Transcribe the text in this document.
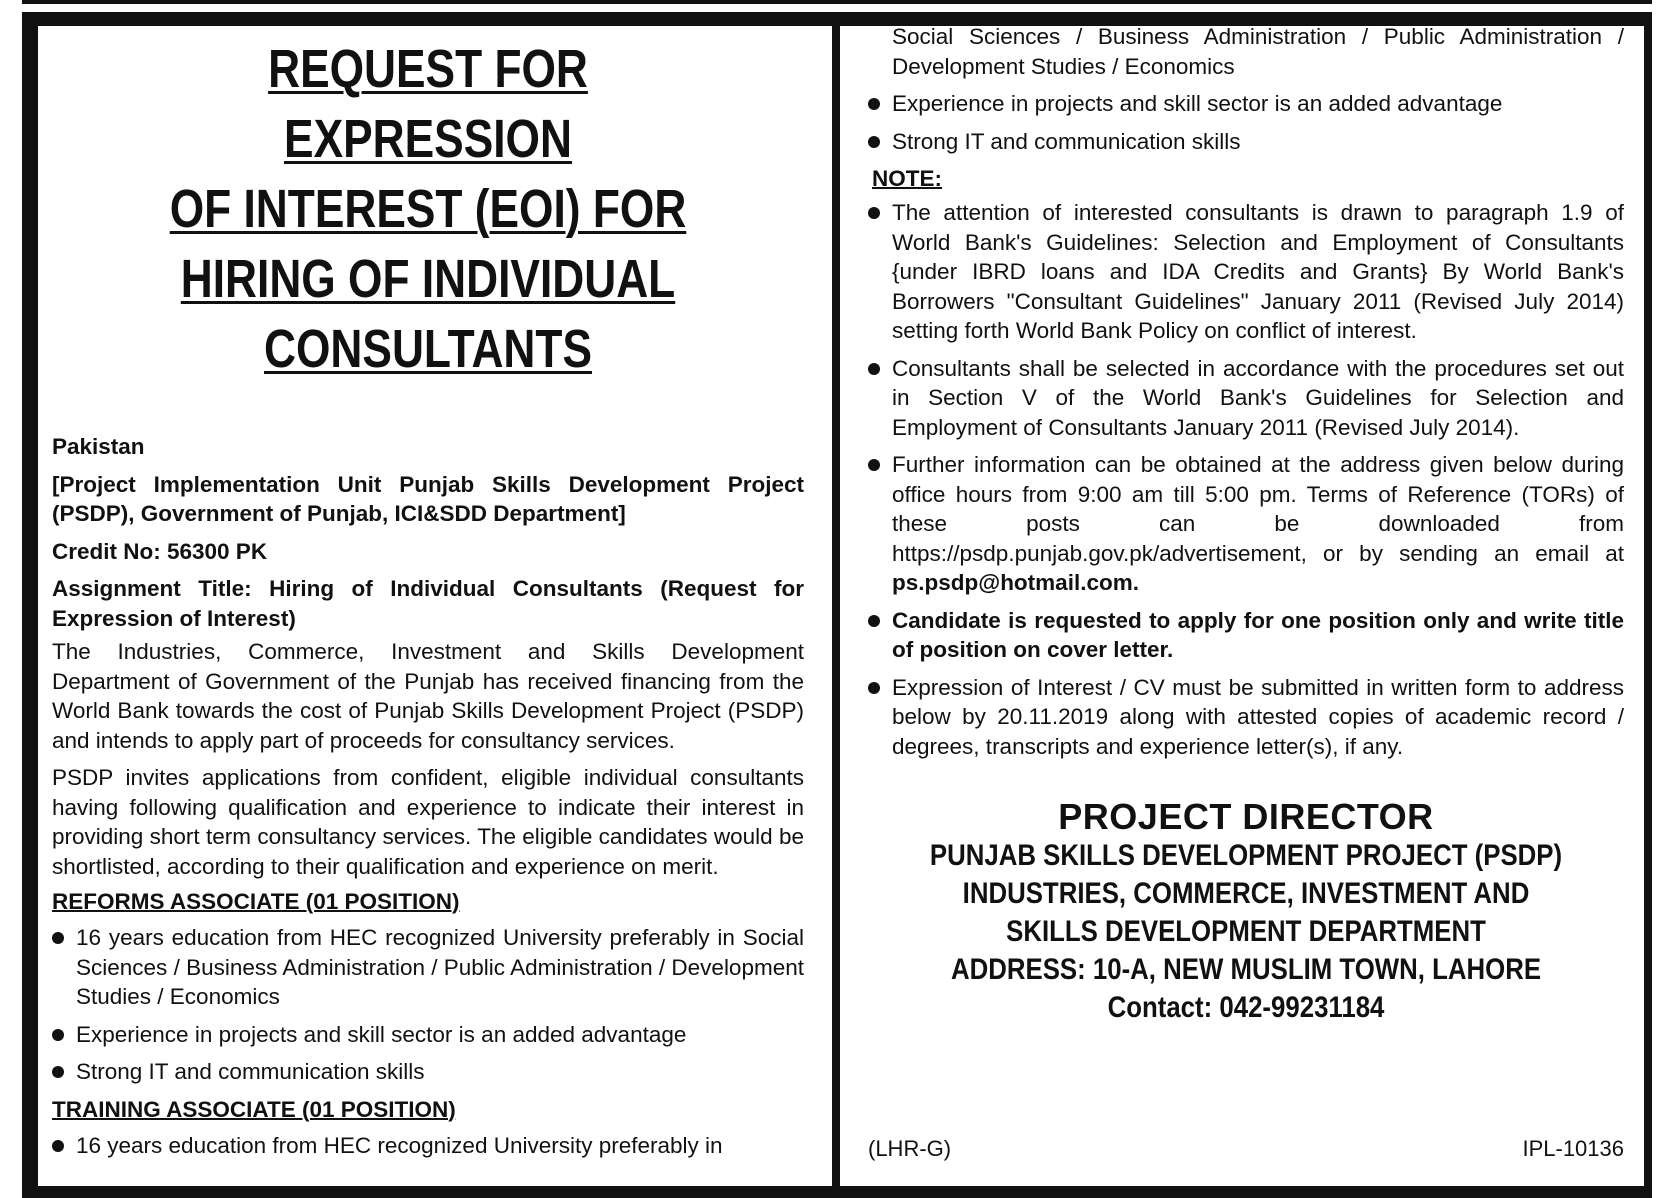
REQUEST FOR EXPRESSION
OF INTEREST (EOI) FOR
HIRING OF INDIVIDUAL
CONSULTANTS

Pakistan

[Project Implementation Unit Punjab Skills Development Project (PSDP), Government of Punjab, ICI&SDD Department]

Credit No: 56300 PK

Assignment Title: Hiring of Individual Consultants (Request for Expression of Interest)

The Industries, Commerce, Investment and Skills Development Department of Government of the Punjab has received financing from the World Bank towards the cost of Punjab Skills Development Project (PSDP) and intends to apply part of proceeds for consultancy services.

PSDP invites applications from confident, eligible individual consultants having following qualification and experience to indicate their interest in providing short term consultancy services. The eligible candidates would be shortlisted, according to their qualification and experience on merit.

REFORMS ASSOCIATE (01 POSITION)

16 years education from HEC recognized University preferably in Social Sciences / Business Administration / Public Administration / Development Studies / Economics
Experience in projects and skill sector is an added advantage
Strong IT and communication skills

TRAINING ASSOCIATE (01 POSITION)

16 years education from HEC recognized University preferably in
Social Sciences / Business Administration / Public Administration / Development Studies / Economics
Experience in projects and skill sector is an added advantage
Strong IT and communication skills

NOTE:

The attention of interested consultants is drawn to paragraph 1.9 of World Bank's Guidelines: Selection and Employment of Consultants {under IBRD loans and IDA Credits and Grants} By World Bank's Borrowers "Consultant Guidelines" January 2011 (Revised July 2014) setting forth World Bank Policy on conflict of interest.
Consultants shall be selected in accordance with the procedures set out in Section V of the World Bank's Guidelines for Selection and Employment of Consultants January 2011 (Revised July 2014).
Further information can be obtained at the address given below during office hours from 9:00 am till 5:00 pm. Terms of Reference (TORs) of these posts can be downloaded from https://psdp.punjab.gov.pk/advertisement, or by sending an email at ps.psdp@hotmail.com.
Candidate is requested to apply for one position only and write title of position on cover letter.
Expression of Interest / CV must be submitted in written form to address below by 20.11.2019 along with attested copies of academic record / degrees, transcripts and experience letter(s), if any.
PROJECT DIRECTOR
PUNJAB SKILLS DEVELOPMENT PROJECT (PSDP)
INDUSTRIES, COMMERCE, INVESTMENT AND SKILLS DEVELOPMENT DEPARTMENT
ADDRESS: 10-A, NEW MUSLIM TOWN, LAHORE
Contact: 042-99231184
(LHR-G)	IPL-10136
